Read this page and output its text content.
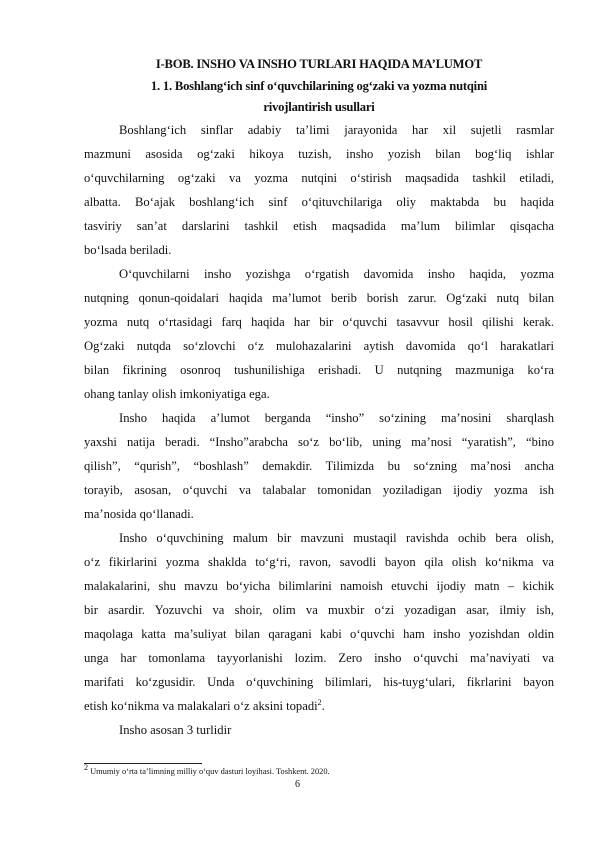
I-BOB. INSHO VA INSHO TURLARI HAQIDA MA’LUMOT
1. 1. Boshlang‘ich sinf o‘quvchilarining og‘zaki va yozma nutqini
rivojlantirish usullari
Boshlang‘ich sinflar adabiy ta’limi jarayonida har xil sujetli rasmlar
mazmuni asosida og‘zaki hikoya tuzish, insho yozish bilan bog‘liq ishlar
o‘quvchilarning og‘zaki va yozma nutqini o‘stirish maqsadida tashkil etiladi,
albatta. Bo‘ajak boshlang‘ich sinf o‘qituvchilariga oliy maktabda bu haqida
tasviriy san’at darslarini tashkil etish maqsadida ma’lum bilimlar qisqacha
bo‘lsada beriladi.
O‘quvchilarni insho yozishga o‘rgatish davomida insho haqida, yozma
nutqning qonun-qoidalari haqida ma’lumot berib borish zarur. Og‘zaki nutq bilan
yozma nutq o‘rtasidagi farq haqida har bir o‘quvchi tasavvur hosil qilishi kerak.
Og‘zaki nutqda so‘zlovchi o‘z mulohazalarini aytish davomida qo‘l harakatlari
bilan fikrining osonroq tushunilishiga erishadi. U nutqning mazmuniga ko‘ra
ohang tanlay olish imkoniyatiga ega.
Insho haqida a’lumot berganda “insho” so‘zining ma’nosini sharqlash
yaxshi natija beradi. “Insho”arabcha so‘z bo‘lib, uning ma’nosi “yaratish”, “bino
qilish”, “qurish”, “boshlash” demakdir. Tilimizda bu so‘zning ma’nosi ancha
torayib, asosan, o‘quvchi va talabalar tomonidan yoziladigan ijodiy yozma ish
ma’nosida qo‘llanadi.
Insho o‘quvchining malum bir mavzuni mustaqil ravishda ochib bera olish,
o‘z fikirlarini yozma shaklda to‘g‘ri, ravon, savodli bayon qila olish ko‘nikma va
malakalarini, shu mavzu bo‘yicha bilimlarini namoish etuvchi ijodiy matn – kichik
bir asardir. Yozuvchi va shoir, olim va muxbir o‘zi yozadigan asar, ilmiy ish,
maqolaga katta ma’suliyat bilan qaragani kabi o‘quvchi ham insho yozishdan oldin
unga har tomonlama tayyorlanishi lozim. Zero insho o‘quvchi ma’naviyati va
marifati ko‘zgusidir. Unda o‘quvchining bilimlari, his-tuyg‘ulari, fikrlarini bayon
etish ko‘nikma va malakalari o‘z aksini topadi$^2$.
Insho asosan 3 turlidir
$^2$ Umumiy o‘rta ta’limning milliy o‘quv dasturi loyihasi. Toshkent. 2020.
6
